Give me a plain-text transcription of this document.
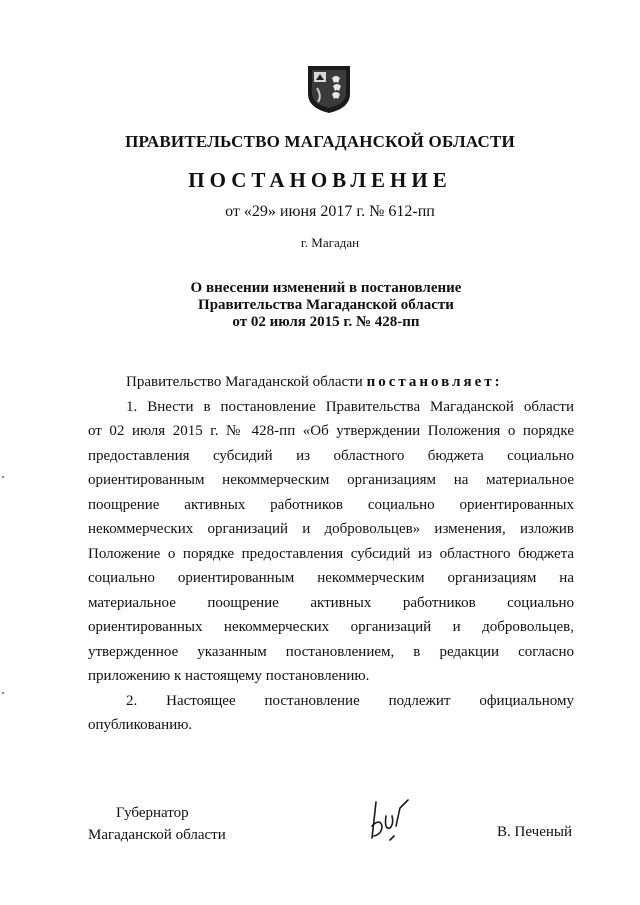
ПРАВИТЕЛЬСТВО МАГАДАНСКОЙ ОБЛАСТИ
ПОСТАНОВЛЕНИЕ
от «29» июня 2017 г. № 612-пп
г. Магадан
О внесении изменений в постановление
Правительства Магаданской области
от 02 июля 2015 г. № 428-пп
Правительство Магаданской области постановляет:
1. Внести в постановление Правительства Магаданской области
от 02 июля 2015 г. № 428-пп «Об утверждении Положения о порядке
предоставления субсидий из областного бюджета социально
ориентированным некоммерческим организациям на материальное
поощрение активных работников социально ориентированных
некоммерческих организаций и добровольцев» изменения, изложив
Положение о порядке предоставления субсидий из областного бюджета
социально ориентированным некоммерческим организациям на
материальное поощрение активных работников социально
ориентированных некоммерческих организаций и добровольцев,
утвержденное указанным постановлением, в редакции согласно
приложению к настоящему постановлению.
2. Настоящее постановление подлежит официальному
опубликованию.
Губернатор
Магаданской области	В. Печеный
